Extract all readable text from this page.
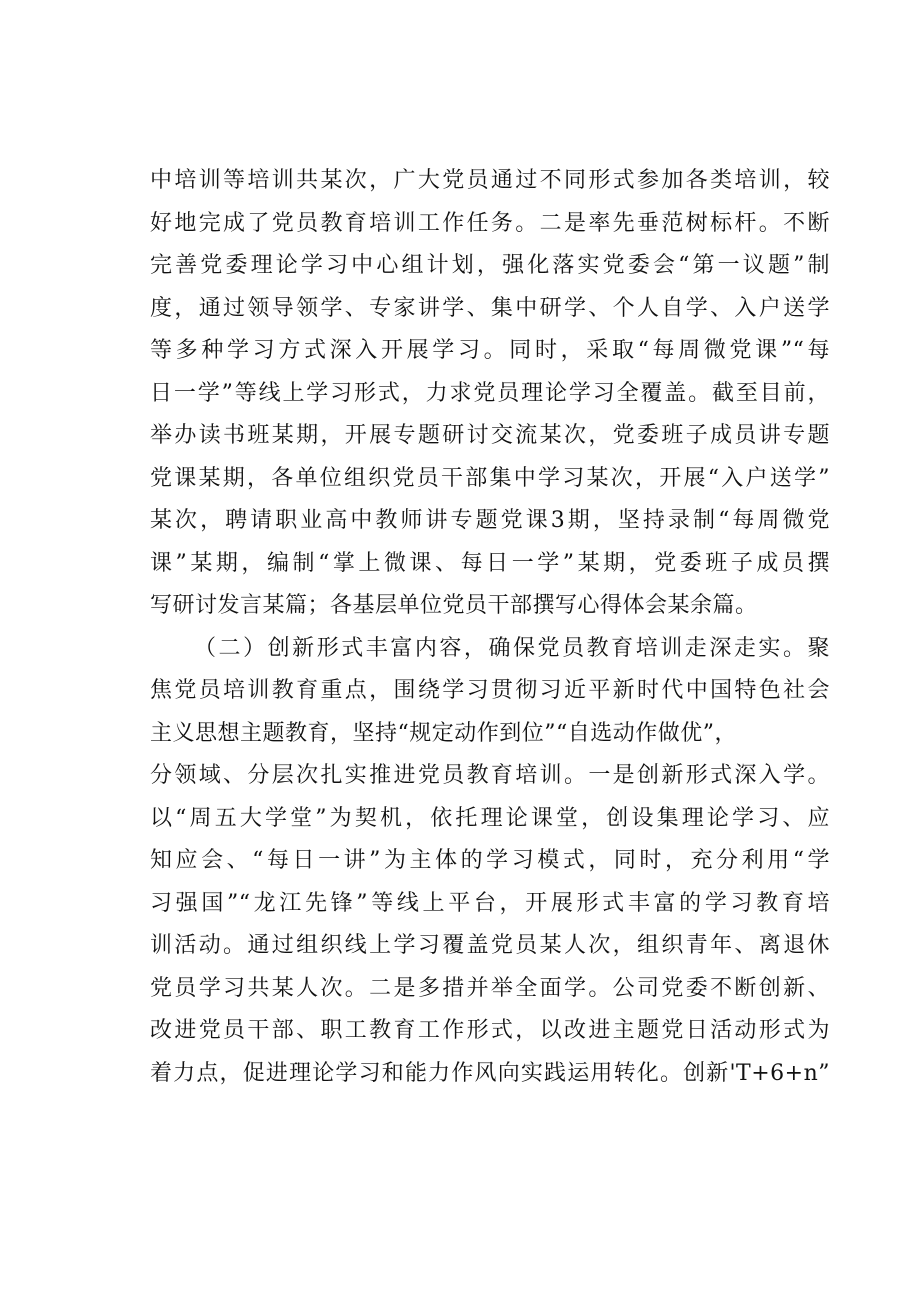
中培训等培训共某次，广大党员通过不同形式参加各类培训，较
好地完成了党员教育培训工作任务。二是率先垂范树标杆。不断
完善党委理论学习中心组计划，强化落实党委会“第一议题”制
度，通过领导领学、专家讲学、集中研学、个人自学、入户送学
等多种学习方式深入开展学习。同时，采取“每周微党课”“每
日一学”等线上学习形式，力求党员理论学习全覆盖。截至目前，
举办读书班某期，开展专题研讨交流某次，党委班子成员讲专题
党课某期，各单位组织党员干部集中学习某次，开展“入户送学”
某次，聘请职业高中教师讲专题党课3期，坚持录制“每周微党
课”某期，编制“掌上微课、每日一学”某期，党委班子成员撰
写研讨发言某篇；各基层单位党员干部撰写心得体会某余篇。
（二）创新形式丰富内容，确保党员教育培训走深走实。聚
焦党员培训教育重点，围绕学习贯彻习近平新时代中国特色社会
主义思想主题教育，坚持“规定动作到位”“自选动作做优”，
分领域、分层次扎实推进党员教育培训。一是创新形式深入学。
以“周五大学堂”为契机，依托理论课堂，创设集理论学习、应
知应会、“每日一讲”为主体的学习模式，同时，充分利用“学
习强国”“龙江先锋”等线上平台，开展形式丰富的学习教育培
训活动。通过组织线上学习覆盖党员某人次，组织青年、离退休
党员学习共某人次。二是多措并举全面学。公司党委不断创新、
改进党员干部、职工教育工作形式，以改进主题党日活动形式为
着力点，促进理论学习和能力作风向实践运用转化。创新'T+6+n”
